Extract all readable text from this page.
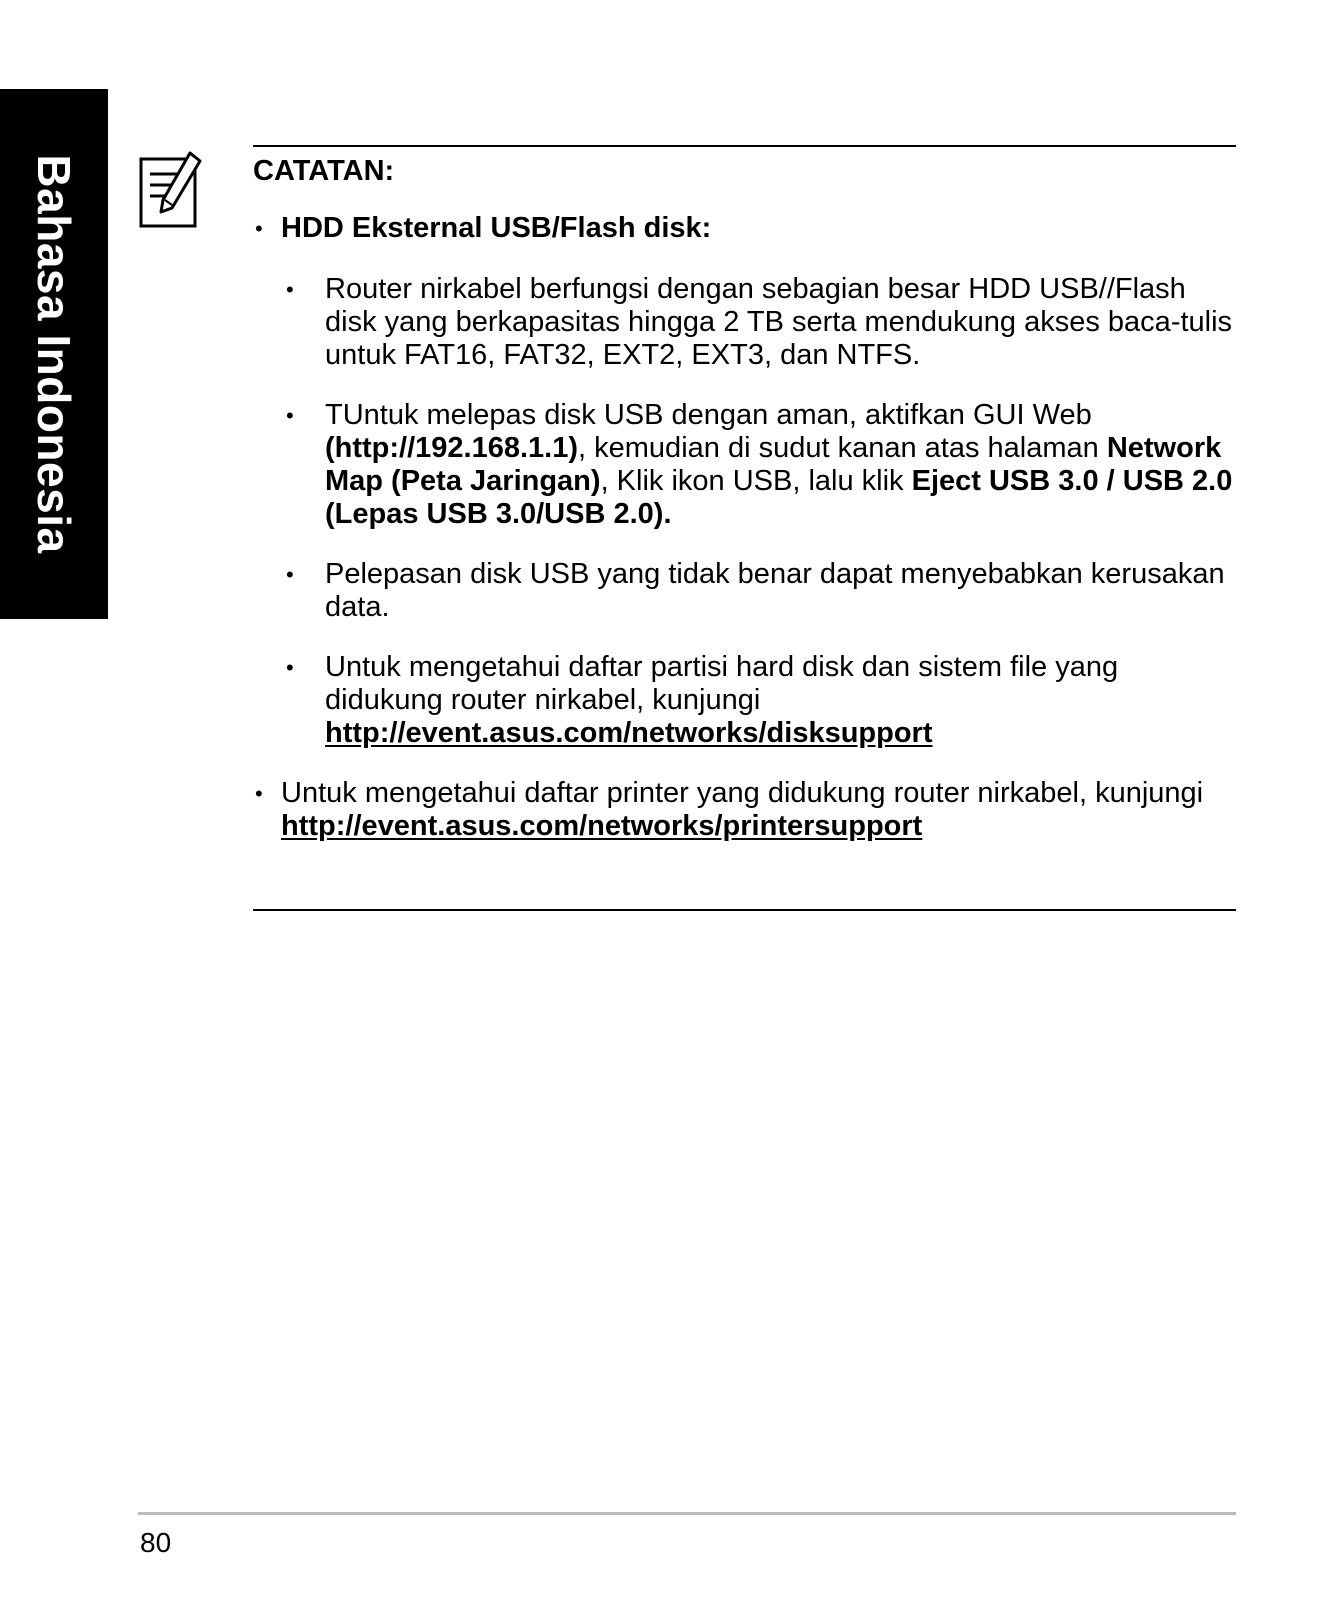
Bahasa Indonesia	CATATAN:
• HDD Eksternal USB/Flash disk:
• Router nirkabel berfungsi dengan sebagian besar HDD USB//Flash disk yang berkapasitas hingga 2 TB serta mendukung akses baca-tulis untuk FAT16, FAT32, EXT2, EXT3, dan NTFS.
• TUntuk melepas disk USB dengan aman, aktifkan GUI Web (http://192.168.1.1), kemudian di sudut kanan atas halaman Network Map (Peta Jaringan), Klik ikon USB, lalu klik Eject USB 3.0 / USB 2.0 (Lepas USB 3.0/USB 2.0).
• Pelepasan disk USB yang tidak benar dapat menyebabkan kerusakan data.
• Untuk mengetahui daftar partisi hard disk dan sistem file yang didukung router nirkabel, kunjungi http://event.asus.com/networks/disksupport
• Untuk mengetahui daftar printer yang didukung router nirkabel, kunjungi
http://event.asus.com/networks/printersupport
80
